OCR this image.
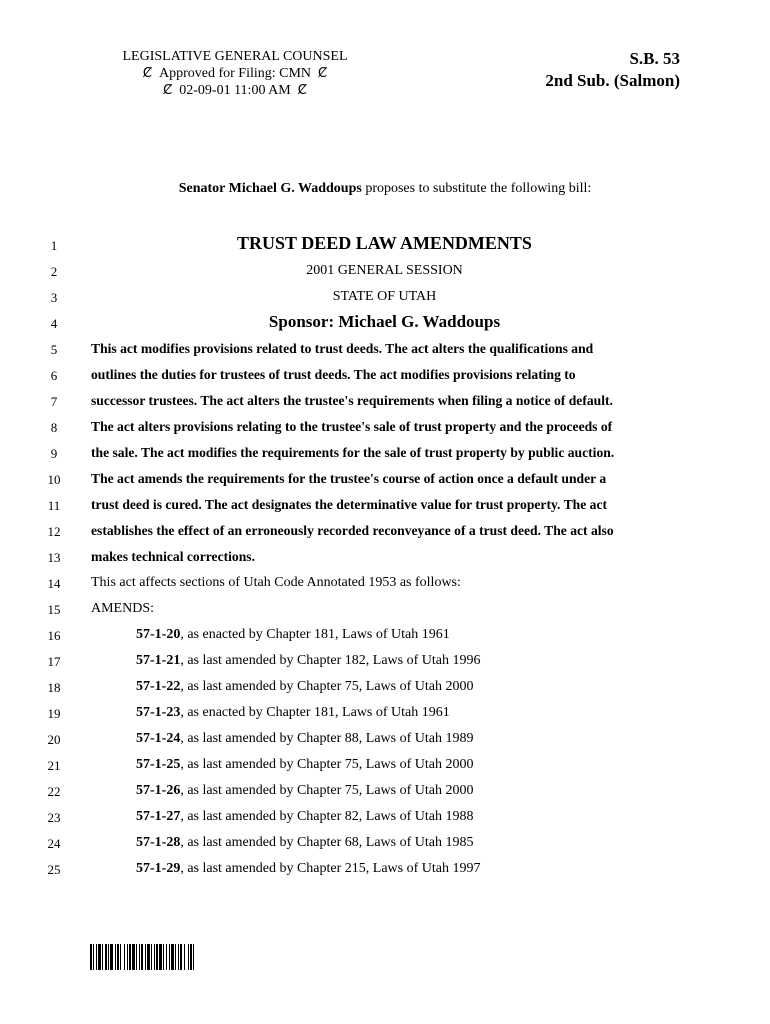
LEGISLATIVE GENERAL COUNSEL
Ȼ Approved for Filing: CMN Ȼ
Ȼ 02-09-01 11:00 AM Ȼ
S.B. 53
2nd Sub. (Salmon)
Senator Michael G. Waddoups proposes to substitute the following bill:
1	TRUST DEED LAW AMENDMENTS
2	2001 GENERAL SESSION
3	STATE OF UTAH
4	Sponsor: Michael G. Waddoups
5	This act modifies provisions related to trust deeds. The act alters the qualifications and
6	outlines the duties for trustees of trust deeds. The act modifies provisions relating to
7	successor trustees. The act alters the trustee's requirements when filing a notice of default.
8	The act alters provisions relating to the trustee's sale of trust property and the proceeds of
9	the sale. The act modifies the requirements for the sale of trust property by public auction.
10	The act amends the requirements for the trustee's course of action once a default under a
11	trust deed is cured. The act designates the determinative value for trust property. The act
12	establishes the effect of an erroneously recorded reconveyance of a trust deed. The act also
13	makes technical corrections.
14	This act affects sections of Utah Code Annotated 1953 as follows:
15	AMENDS:
16	57-1-20, as enacted by Chapter 181, Laws of Utah 1961
17	57-1-21, as last amended by Chapter 182, Laws of Utah 1996
18	57-1-22, as last amended by Chapter 75, Laws of Utah 2000
19	57-1-23, as enacted by Chapter 181, Laws of Utah 1961
20	57-1-24, as last amended by Chapter 88, Laws of Utah 1989
21	57-1-25, as last amended by Chapter 75, Laws of Utah 2000
22	57-1-26, as last amended by Chapter 75, Laws of Utah 2000
23	57-1-27, as last amended by Chapter 82, Laws of Utah 1988
24	57-1-28, as last amended by Chapter 68, Laws of Utah 1985
25	57-1-29, as last amended by Chapter 215, Laws of Utah 1997
